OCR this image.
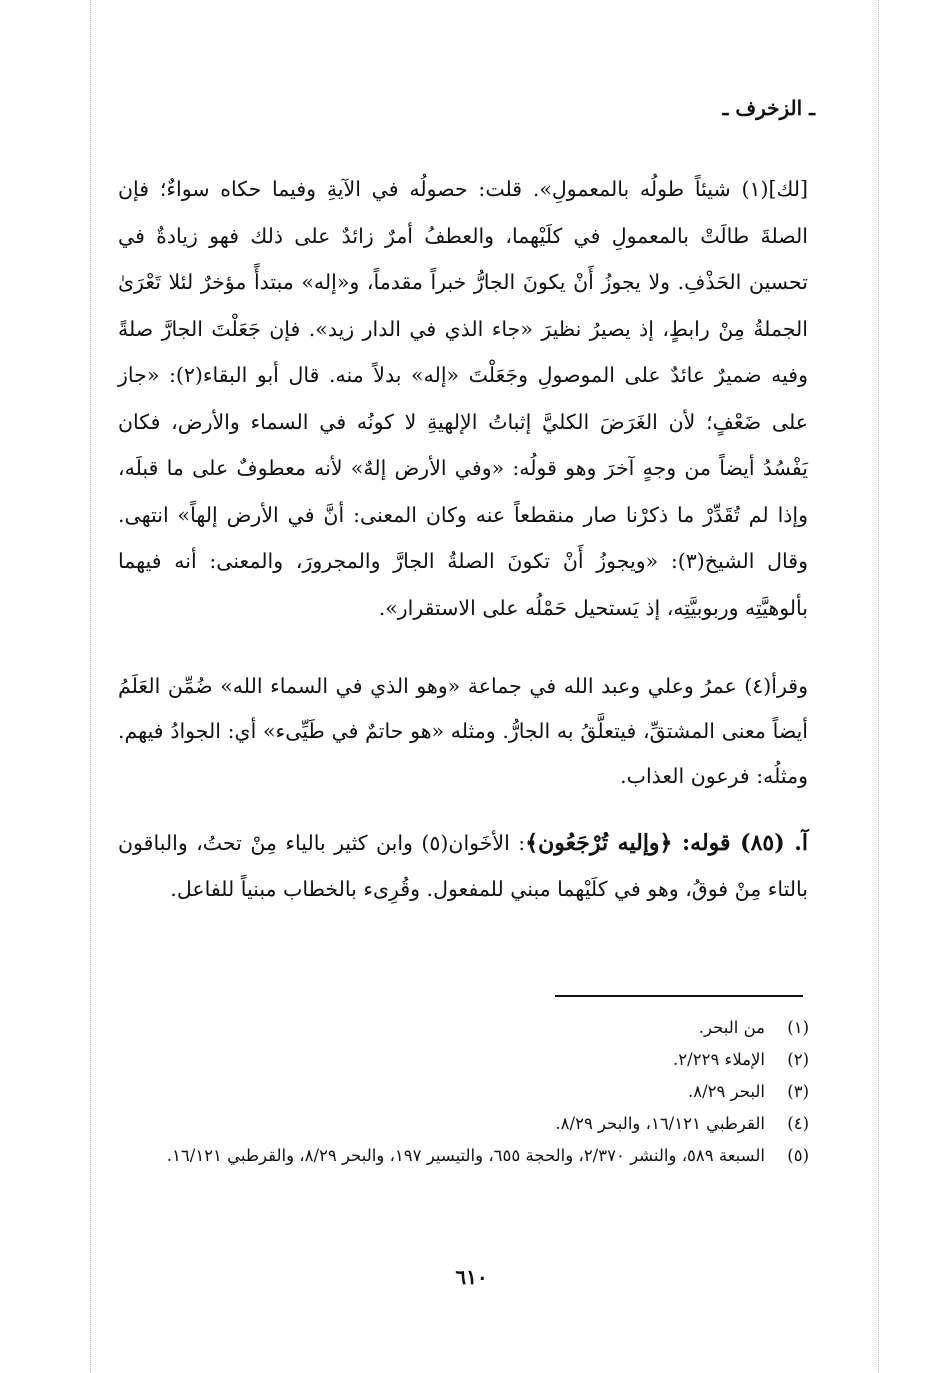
ـ الزخرف ـ
[لك](١) شيئاً طولُه بالمعمولِ». قلت: حصولُه في الآيةِ وفيما حكاه سواءٌ؛ فإن الصلةَ طالَتْ بالمعمولِ في كلَيْهما، والعطفُ أمرٌ زائدٌ على ذلك فهو زيادةٌ في تحسين الحَذْفِ. ولا يجوزُ أَنْ يكونَ الجارُّ خبراً مقدماً، و«إله» مبتدأً مؤخرٌ لئلا تَعْرَىٰ الجملةُ مِنْ رابطٍ، إذ يصيرُ نظيرَ «جاء الذي في الدار زيد». فإن جَعَلْتَ الجارَّ صلةً وفيه ضميرٌ عائدٌ على الموصولِ وجَعَلْتَ «إله» بدلاً منه. قال أبو البقاء(٢): «جاز على ضَعْفٍ؛ لأن الغَرَضَ الكليَّ إثباتُ الإلهيةِ لا كونُه في السماء والأرض، فكان يَفْسُدُ أيضاً من وجهٍ آخرَ وهو قولُه: «وفي الأرض إلهٌ» لأنه معطوفٌ على ما قبلَه، وإذا لم تُقَدِّرْ ما ذكرْنا صار منقطعاً عنه وكان المعنى: أنَّ في الأرض إلهاً» انتهى. وقال الشيخ(٣): «ويجوزُ أَنْ تكونَ الصلةُ الجارَّ والمجرورَ، والمعنى: أنه فيهما بألوهيَّتِه وربوبيَّتِه، إذ يَستحيل حَمْلُه على الاستقرار».
وقرأ(٤) عمرُ وعلي وعبد الله في جماعة «وهو الذي في السماء الله» ضُمِّن العَلَمُ أيضاً معنى المشتقِّ، فيتعلَّقُ به الجارُّ. ومثله «هو حاتمٌ في طَيِّىء» أي: الجوادُ فيهم. ومثلُه: فرعون العذاب.
آ. (٨٥) قوله: ﴿وإليه تُرْجَعُون﴾: الأخَوان(٥) وابن كثير بالياء مِنْ تحتُ، والباقون بالتاء مِنْ فوقُ، وهو في كلَيْهما مبني للمفعول. وقُرِىء بالخطاب مبنياً للفاعل.
(١)
من البحر.
(٢)
الإملاء ٢/٢٢٩.
(٣)
البحر ٨/٢٩.
(٤)
القرطبي ١٦/١٢١، والبحر ٨/٢٩.
(٥)
السبعة ٥٨٩، والنشر ٢/٣٧٠، والحجة ٦٥٥، والتيسير ١٩٧، والبحر ٨/٢٩، والقرطبي ١٦/١٢١.
٦١٠
